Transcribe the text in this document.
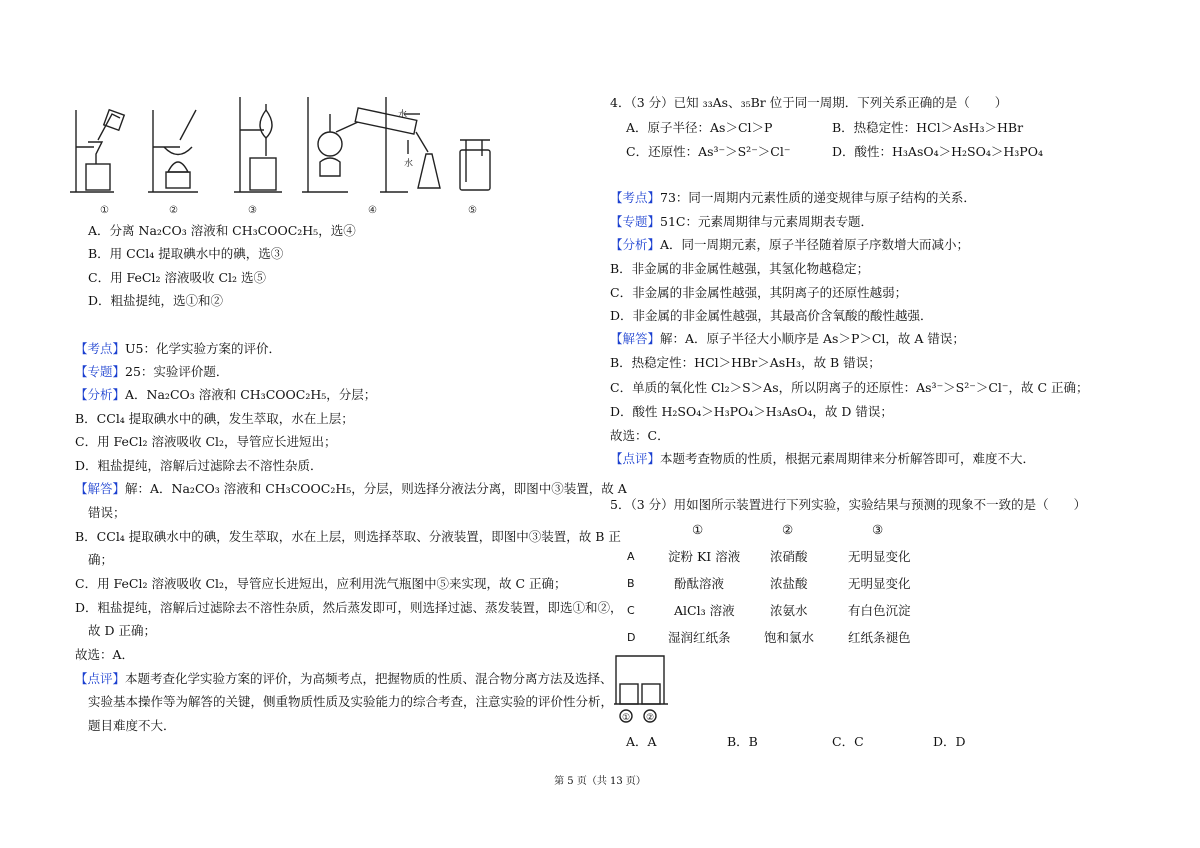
水
水
①	②	③	④	⑤
A．分离 Na₂CO₃ 溶液和 CH₃COOC₂H₅，选④
B．用 CCl₄ 提取碘水中的碘，选③
C．用 FeCl₂ 溶液吸收 Cl₂ 选⑤
D．粗盐提纯，选①和②
【考点】U5：化学实验方案的评价．
【专题】25：实验评价题．
【分析】A．Na₂CO₃ 溶液和 CH₃COOC₂H₅，分层；
B．CCl₄ 提取碘水中的碘，发生萃取，水在上层；
C．用 FeCl₂ 溶液吸收 Cl₂，导管应长进短出；
D．粗盐提纯，溶解后过滤除去不溶性杂质．
【解答】解：A．Na₂CO₃ 溶液和 CH₃COOC₂H₅，分层，则选择分液法分离，即图中③装置，故 A
错误；
B．CCl₄ 提取碘水中的碘，发生萃取，水在上层，则选择萃取、分液装置，即图中③装置，故 B 正
确；
C．用 FeCl₂ 溶液吸收 Cl₂，导管应长进短出，应利用洗气瓶图中⑤来实现，故 C 正确；
D．粗盐提纯，溶解后过滤除去不溶性杂质，然后蒸发即可，则选择过滤、蒸发装置，即选①和②，
故 D 正确；
故选：A．
【点评】本题考查化学实验方案的评价，为高频考点，把握物质的性质、混合物分离方法及选择、
实验基本操作等为解答的关键，侧重物质性质及实验能力的综合考查，注意实验的评价性分析，
题目难度不大．
4．（3 分）已知 ₃₃As、₃₅Br 位于同一周期．下列关系正确的是（　　）
A．原子半径：As＞Cl＞P	B．热稳定性：HCl＞AsH₃＞HBr
C．还原性：As³⁻＞S²⁻＞Cl⁻	D．酸性：H₃AsO₄＞H₂SO₄＞H₃PO₄
【考点】73：同一周期内元素性质的递变规律与原子结构的关系．
【专题】51C：元素周期律与元素周期表专题．
【分析】A．同一周期元素，原子半径随着原子序数增大而减小；
B．非金属的非金属性越强，其氢化物越稳定；
C．非金属的非金属性越强，其阴离子的还原性越弱；
D．非金属的非金属性越强，其最高价含氧酸的酸性越强．
【解答】解：A．原子半径大小顺序是 As＞P＞Cl，故 A 错误；
B．热稳定性：HCl＞HBr＞AsH₃，故 B 错误；
C．单质的氧化性 Cl₂＞S＞As，所以阴离子的还原性：As³⁻＞S²⁻＞Cl⁻，故 C 正确；
D．酸性 H₂SO₄＞H₃PO₄＞H₃AsO₄，故 D 错误；
故选：C．
【点评】本题考查物质的性质，根据元素周期律来分析解答即可，难度不大．
5．（3 分）用如图所示装置进行下列实验，实验结果与预测的现象不一致的是（　　）
①	②	③
A	淀粉 KI 溶液 浓硝酸	无明显变化
B	酚酞溶液	浓盐酸	无明显变化
C	AlCl₃ 溶液	浓氨水	有白色沉淀
D	湿润红纸条	饱和氯水	红纸条褪色
① ②
A．A	B．B	C．C	D．D
第 5 页（共 13 页）
